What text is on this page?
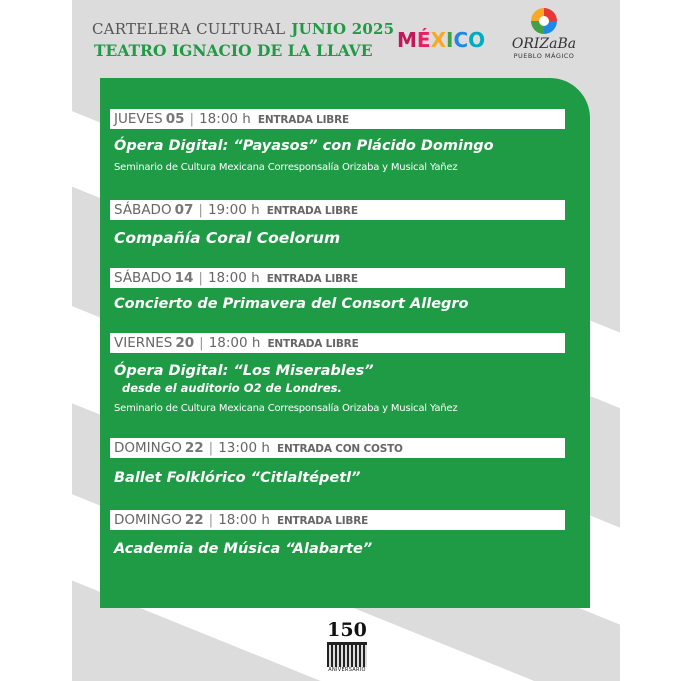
CARTELERA CULTURAL JUNIO 2025
TEATRO IGNACIO DE LA LLAVE MÉXICO	ORIZaBa
PUEBLO MÁGICO
JUEVES 05 | 18:00 h ENTRADA LIBRE
Ópera Digital: “Payasos” con Plácido Domingo
Seminario de Cultura Mexicana Corresponsalía Orizaba y Musical Yañez
SÁBADO 07 | 19:00 h ENTRADA LIBRE
Compañía Coral Coelorum
SÁBADO 14 | 18:00 h ENTRADA LIBRE
Concierto de Primavera del Consort Allegro
VIERNES 20 | 18:00 h ENTRADA LIBRE
Ópera Digital: “Los Miserables”
desde el auditorio O2 de Londres.
Seminario de Cultura Mexicana Corresponsalía Orizaba y Musical Yañez
DOMINGO 22 | 13:00 h ENTRADA CON COSTO
Ballet Folklórico “Citlaltépetl”
DOMINGO 22 | 18:00 h ENTRADA LIBRE
Academia de Música “Alabarte”
150
ANIVERSARIO
